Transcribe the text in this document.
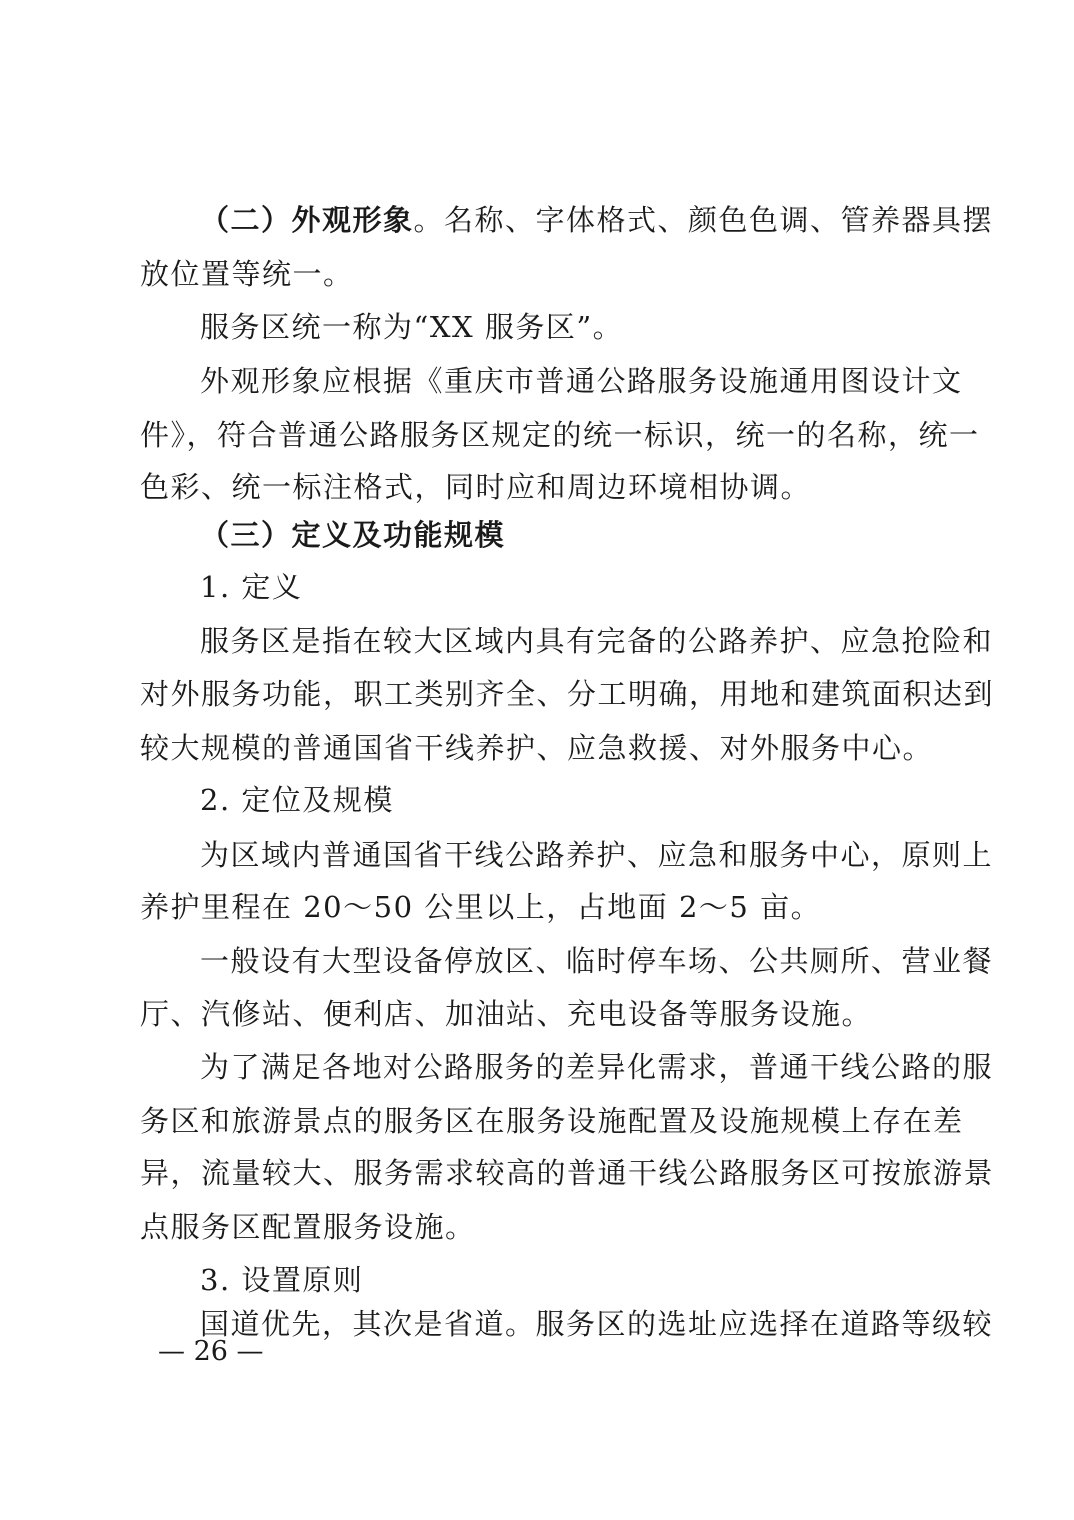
（二）外观形象。名称、字体格式、颜色色调、管养器具摆
放位置等统一。
服务区统一称为“XX 服务区”。
外观形象应根据《重庆市普通公路服务设施通用图设计文
件》，符合普通公路服务区规定的统一标识，统一的名称，统一
色彩、统一标注格式，同时应和周边环境相协调。
（三）定义及功能规模
1. 定义
服务区是指在较大区域内具有完备的公路养护、应急抢险和
对外服务功能，职工类别齐全、分工明确，用地和建筑面积达到
较大规模的普通国省干线养护、应急救援、对外服务中心。
2. 定位及规模
为区域内普通国省干线公路养护、应急和服务中心，原则上
养护里程在 20～50 公里以上，占地面 2～5 亩。
一般设有大型设备停放区、临时停车场、公共厕所、营业餐
厅、汽修站、便利店、加油站、充电设备等服务设施。
为了满足各地对公路服务的差异化需求，普通干线公路的服
务区和旅游景点的服务区在服务设施配置及设施规模上存在差
异，流量较大、服务需求较高的普通干线公路服务区可按旅游景
点服务区配置服务设施。
3. 设置原则
国道优先，其次是省道。服务区的选址应选择在道路等级较
— 26 —
